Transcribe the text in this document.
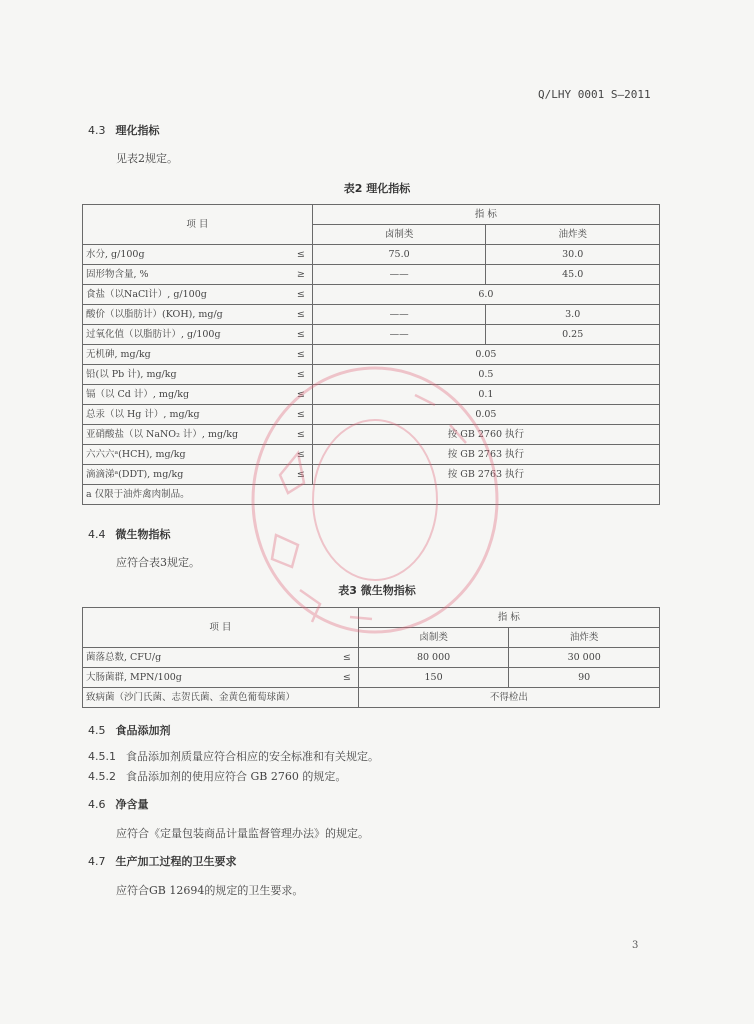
Q/LHY 0001 S—2011
4.3 理化指标
见表2规定。
表2 理化指标
项 目	指 标	
	卤制类	油炸类

水分, g/100g ≤	75.0	30.0

固形物含量, % ≥	——	45.0

食盐（以NaCl计）, g/100g ≤	6.0	

酸价（以脂肪计）(KOH), mg/g ≤	——	3.0

过氧化值（以脂肪计）, g/100g ≤	——	0.25

无机砷, mg/kg ≤	0.05	

铅(以 Pb 计), mg/kg ≤	0.5	

镉（以 Cd 计）, mg/kg ≤	0.1	

总汞（以 Hg 计）, mg/kg ≤	0.05	

亚硝酸盐（以 NaNO₂ 计）, mg/kg ≤	按 GB 2760 执行	

六六六ᵃ(HCH), mg/kg ≤	按 GB 2763 执行	

滴滴涕ᵃ(DDT), mg/kg ≤	按 GB 2763 执行	
a 仅限于油炸禽肉制品。		
4.4 微生物指标
应符合表3规定。
表3 微生物指标
项 目	指 标	
	卤制类	油炸类

菌落总数, CFU/g ≤	80 000	30 000

大肠菌群, MPN/100g ≤	150	90
致病菌（沙门氏菌、志贺氏菌、金黄色葡萄球菌）	不得检出	
4.5 食品添加剂
4.5.1 食品添加剂质量应符合相应的安全标准和有关规定。
4.5.2 食品添加剂的使用应符合 GB 2760 的规定。
4.6 净含量
应符合《定量包装商品计量监督管理办法》的规定。
4.7 生产加工过程的卫生要求
应符合GB 12694的规定的卫生要求。
3
